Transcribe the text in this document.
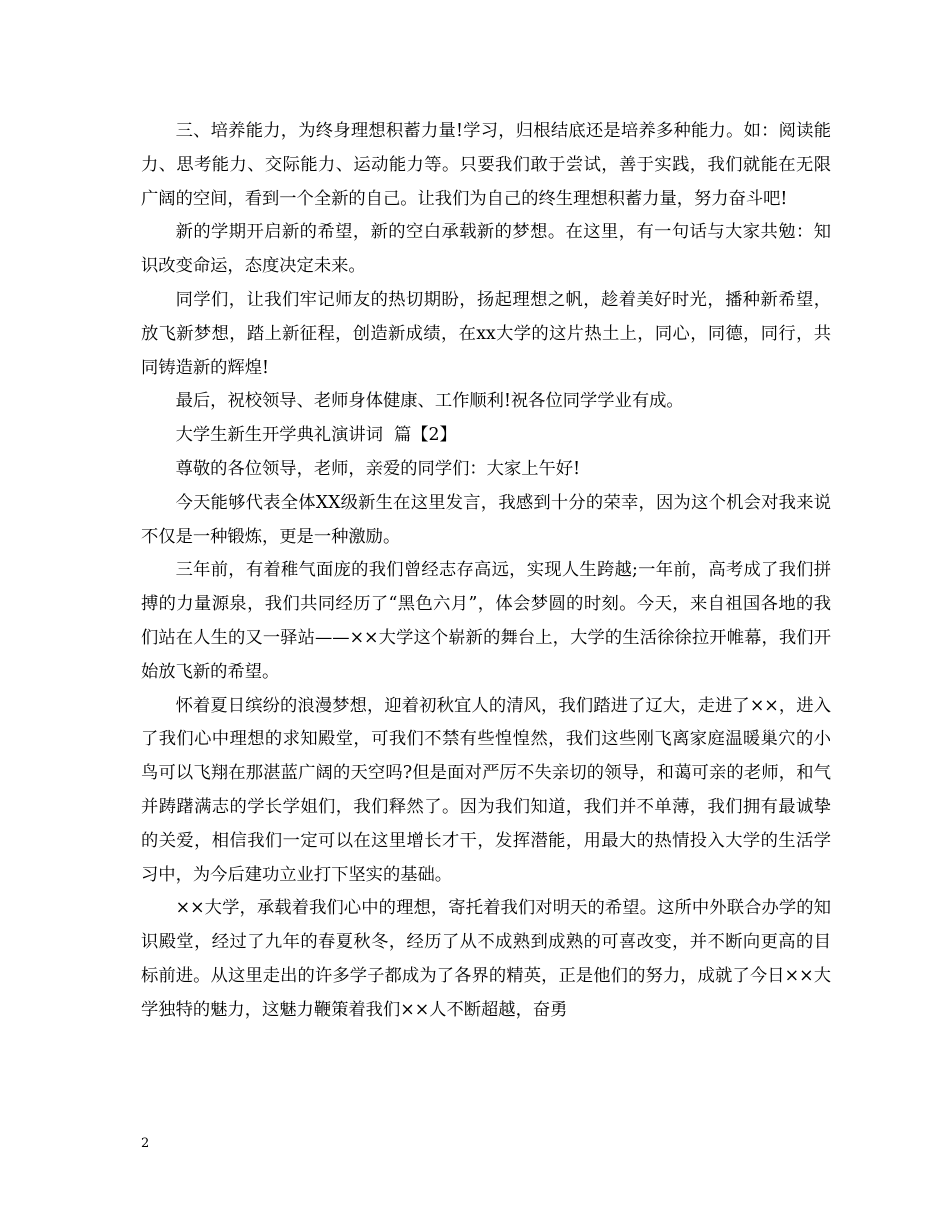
三、培养能力，为终身理想积蓄力量!学习，归根结底还是培养多种能力。如：阅读能力、思考能力、交际能力、运动能力等。只要我们敢于尝试，善于实践，我们就能在无限广阔的空间，看到一个全新的自己。让我们为自己的终生理想积蓄力量，努力奋斗吧!

新的学期开启新的希望，新的空白承载新的梦想。在这里，有一句话与大家共勉：知识改变命运，态度决定未来。

同学们，让我们牢记师友的热切期盼，扬起理想之帆，趁着美好时光，播种新希望，放飞新梦想，踏上新征程，创造新成绩，在xx大学的这片热土上，同心，同德，同行，共同铸造新的辉煌!

最后，祝校领导、老师身体健康、工作顺利!祝各位同学学业有成。

大学生新生开学典礼演讲词  篇【2】

尊敬的各位领导，老师，亲爱的同学们：大家上午好!

今天能够代表全体XX级新生在这里发言，我感到十分的荣幸，因为这个机会对我来说不仅是一种锻炼，更是一种激励。

三年前，有着稚气面庞的我们曾经志存高远，实现人生跨越;一年前，高考成了我们拼搏的力量源泉，我们共同经历了“黑色六月”，体会梦圆的时刻。今天，来自祖国各地的我们站在人生的又一驿站——××大学这个崭新的舞台上，大学的生活徐徐拉开帷幕，我们开始放飞新的希望。

怀着夏日缤纷的浪漫梦想，迎着初秋宜人的清风，我们踏进了辽大，走进了××，进入了我们心中理想的求知殿堂，可我们不禁有些惶惶然，我们这些刚飞离家庭温暖巢穴的小鸟可以飞翔在那湛蓝广阔的天空吗?但是面对严厉不失亲切的领导，和蔼可亲的老师，和气并踌躇满志的学长学姐们，我们释然了。因为我们知道，我们并不单薄，我们拥有最诚挚的关爱，相信我们一定可以在这里增长才干，发挥潜能，用最大的热情投入大学的生活学习中，为今后建功立业打下坚实的基础。

××大学，承载着我们心中的理想，寄托着我们对明天的希望。这所中外联合办学的知识殿堂，经过了九年的春夏秋冬，经历了从不成熟到成熟的可喜改变，并不断向更高的目标前进。从这里走出的许多学子都成为了各界的精英，正是他们的努力，成就了今日××大学独特的魅力，这魅力鞭策着我们××人不断超越，奋勇

2
